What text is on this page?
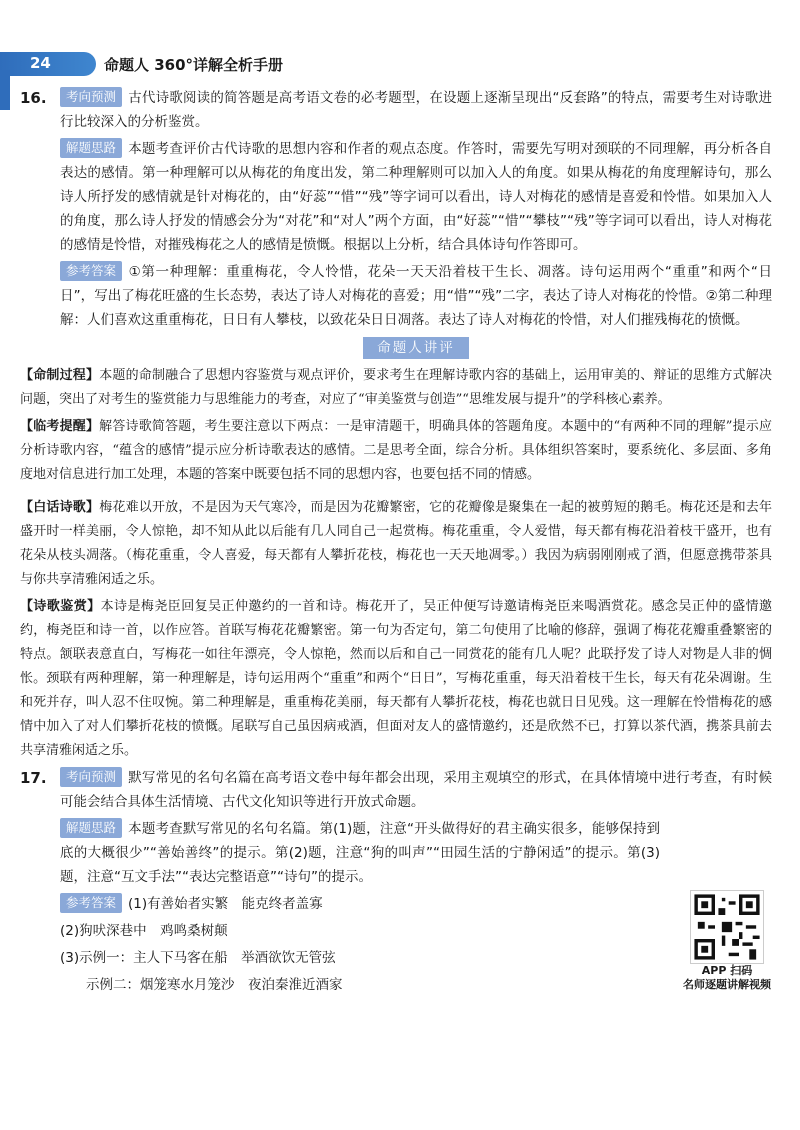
24	命题人 360°详解全析手册
16.	考向预测 古代诗歌阅读的简答题是高考语文卷的必考题型，在设题上逐渐呈现出“反套路”的特点，需要考生对诗歌进行比较深入的分析鉴赏。

解题思路 本题考查评价古代诗歌的思想内容和作者的观点态度。作答时，需要先写明对颈联的不同理解，再分析各自表达的感情。第一种理解可以从梅花的角度出发，第二种理解则可以加入人的角度。如果从梅花的角度理解诗句，那么诗人所抒发的感情就是针对梅花的，由“好蕊”“惜”“残”等字词可以看出，诗人对梅花的感情是喜爱和怜惜。如果加入人的角度，那么诗人抒发的情感会分为“对花”和“对人”两个方面，由“好蕊”“惜”“攀枝”“残”等字词可以看出，诗人对梅花的感情是怜惜，对摧残梅花之人的感情是愤慨。根据以上分析，结合具体诗句作答即可。

参考答案 ①第一种理解：重重梅花，令人怜惜，花朵一天天沿着枝干生长、凋落。诗句运用两个“重重”和两个“日日”，写出了梅花旺盛的生长态势，表达了诗人对梅花的喜爱；用“惜”“残”二字，表达了诗人对梅花的怜惜。②第二种理解：人们喜欢这重重梅花，日日有人攀枝，以致花朵日日凋落。表达了诗人对梅花的怜惜，对人们摧残梅花的愤慨。

命题人讲评

【命制过程】本题的命制融合了思想内容鉴赏与观点评价，要求考生在理解诗歌内容的基础上，运用审美的、辩证的思维方式解决问题，突出了对考生的鉴赏能力与思维能力的考查，对应了“审美鉴赏与创造”“思维发展与提升”的学科核心素养。

【临考提醒】解答诗歌简答题，考生要注意以下两点：一是审清题干，明确具体的答题角度。本题中的“有两种不同的理解”提示应分析诗歌内容，“蕴含的感情”提示应分析诗歌表达的感情。二是思考全面，综合分析。具体组织答案时，要系统化、多层面、多角度地对信息进行加工处理，本题的答案中既要包括不同的思想内容，也要包括不同的情感。

【白话诗歌】梅花难以开放，不是因为天气寒冷，而是因为花瓣繁密，它的花瓣像是聚集在一起的被剪短的鹅毛。梅花还是和去年盛开时一样美丽，令人惊艳，却不知从此以后能有几人同自己一起赏梅。梅花重重，令人爱惜，每天都有梅花沿着枝干盛开，也有花朵从枝头凋落。（梅花重重，令人喜爱，每天都有人攀折花枝，梅花也一天天地凋零。）我因为病弱刚刚戒了酒，但愿意携带茶具与你共享清雅闲适之乐。

【诗歌鉴赏】本诗是梅尧臣回复吴正仲邀约的一首和诗。梅花开了，吴正仲便写诗邀请梅尧臣来喝酒赏花。感念吴正仲的盛情邀约，梅尧臣和诗一首，以作应答。首联写梅花花瓣繁密。第一句为否定句，第二句使用了比喻的修辞，强调了梅花花瓣重叠繁密的特点。颔联表意直白，写梅花一如往年漂亮，令人惊艳，然而以后和自己一同赏花的能有几人呢？此联抒发了诗人对物是人非的惆怅。颈联有两种理解，第一种理解是，诗句运用两个“重重”和两个“日日”，写梅花重重，每天沿着枝干生长，每天有花朵凋谢。生和死并存，叫人忍不住叹惋。第二种理解是，重重梅花美丽，每天都有人攀折花枝，梅花也就日日见残。这一理解在怜惜梅花的感情中加入了对人们攀折花枝的愤慨。尾联写自己虽因病戒酒，但面对友人的盛情邀约，还是欣然不已，打算以茶代酒，携茶具前去共享清雅闲适之乐。

17.	考向预测 默写常见的名句名篇在高考语文卷中每年都会出现，采用主观填空的形式，在具体情境中进行考查，有时候可能会结合具体生活情境、古代文化知识等进行开放式命题。

解题思路 本题考查默写常见的名句名篇。第(1)题，注意“开头做得好的君主确实很多，能够保持到底的大概很少”“善始善终”的提示。第(2)题，注意“狗的叫声”“田园生活的宁静闲适”的提示。第(3)题，注意“互文手法”“表达完整语意”“诗句”的提示。

参考答案 (1)有善始者实繁　能克终者盖寡

(2)狗吠深巷中　鸡鸣桑树颠

(3)示例一：主人下马客在船　举酒欲饮无管弦

示例二：烟笼寒水月笼沙　夜泊秦淮近酒家

APP 扫码
名师逐题讲解视频
